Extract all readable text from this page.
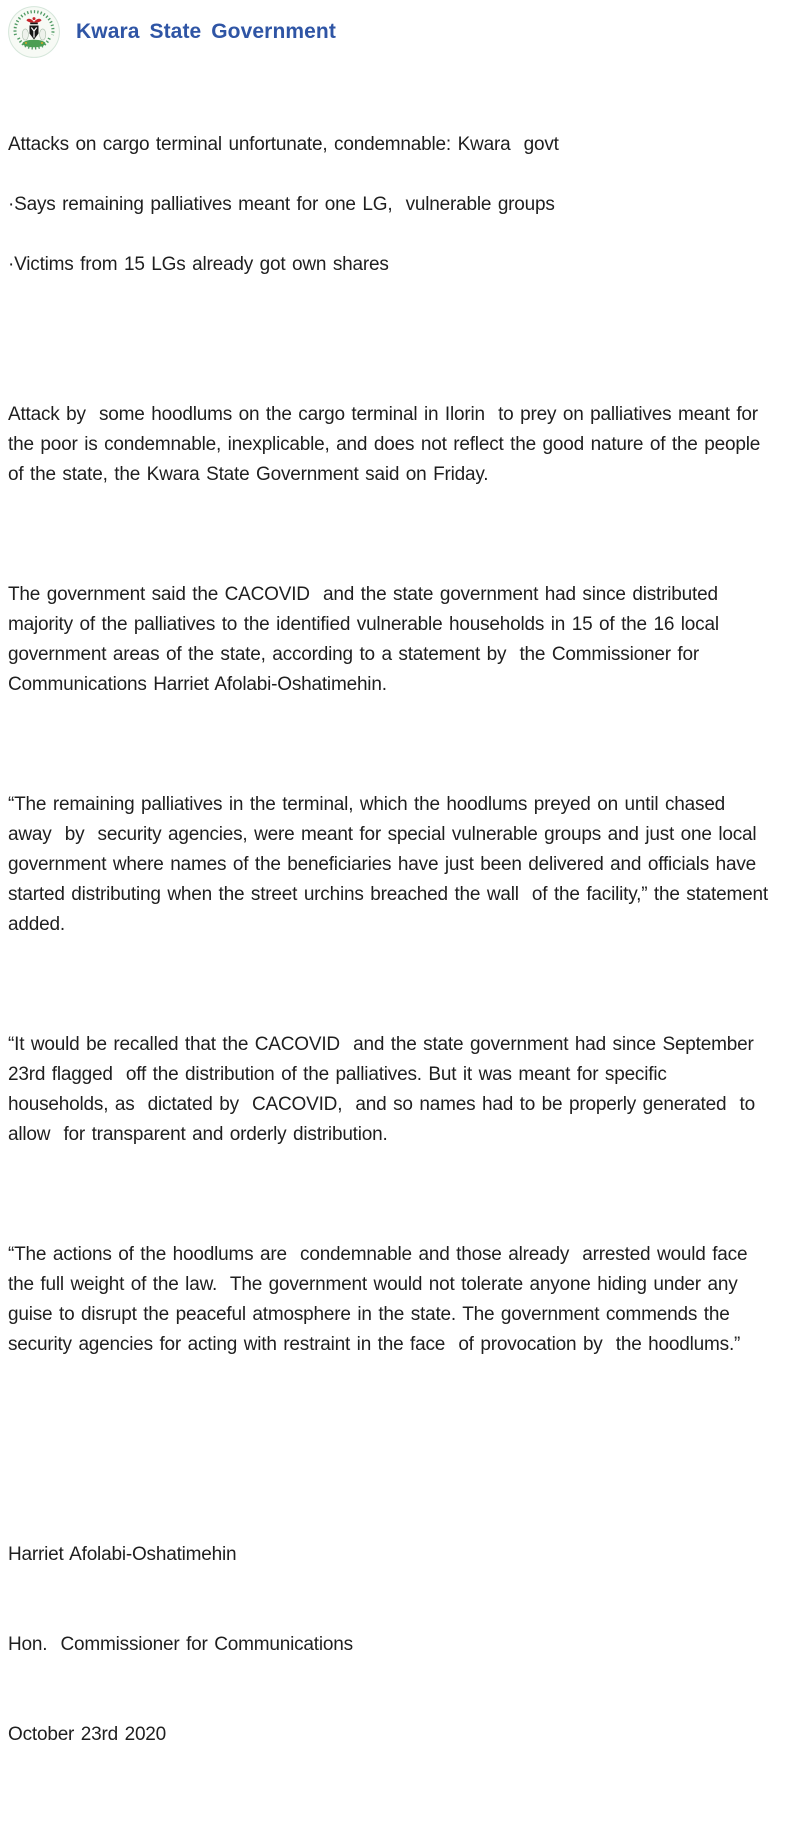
Kwara State Government

Attacks on cargo terminal unfortunate, condemnable: Kwara  govt

·Says remaining palliatives meant for one LG,  vulnerable groups

·Victims from 15 LGs already got own shares

Attack by  some hoodlums on the cargo terminal in Ilorin  to prey on palliatives meant for the poor is condemnable, inexplicable, and does not reflect the good nature of the people of the state, the Kwara State Government said on Friday.

The government said the CACOVID  and the state government had since distributed majority of the palliatives to the identified vulnerable households in 15 of the 16 local government areas of the state, according to a statement by  the Commissioner for Communications Harriet Afolabi-Oshatimehin.

“The remaining palliatives in the terminal, which the hoodlums preyed on until chased away  by  security agencies, were meant for special vulnerable groups and just one local government where names of the beneficiaries have just been delivered and officials have started distributing when the street urchins breached the wall  of the facility,” the statement added.

“It would be recalled that the CACOVID  and the state government had since September 23rd flagged  off the distribution of the palliatives. But it was meant for specific households, as  dictated by  CACOVID,  and so names had to be properly generated  to allow  for transparent and orderly distribution.

“The actions of the hoodlums are  condemnable and those already  arrested would face the full weight of the law.  The government would not tolerate anyone hiding under any guise to disrupt the peaceful atmosphere in the state. The government commends the security agencies for acting with restraint in the face  of provocation by  the hoodlums.”

Harriet Afolabi-Oshatimehin

Hon.  Commissioner for Communications

October 23rd 2020
